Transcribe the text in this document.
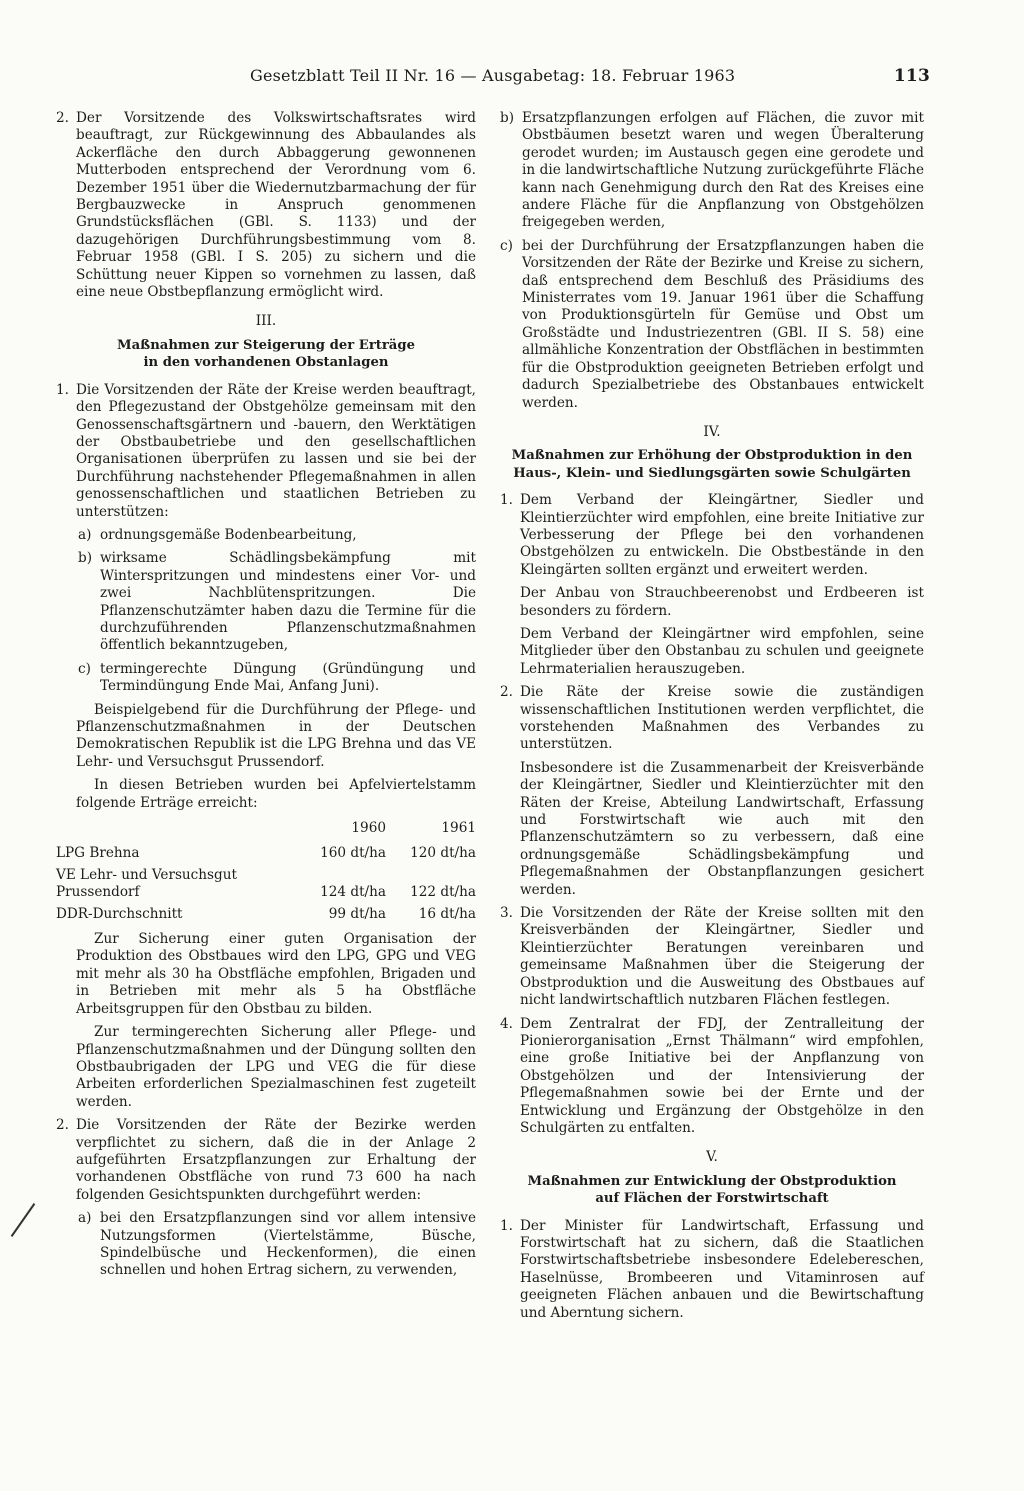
Gesetzblatt Teil II Nr. 16 — Ausgabetag: 18. Februar 1963	113
2. Der Vorsitzende des Volkswirtschaftsrates wird beauftragt, zur Rückgewinnung des Abbaulandes als Ackerfläche den durch Abbaggerung gewonnenen Mutterboden entsprechend der Verordnung vom 6. Dezember 1951 über die Wiedernutzbarmachung der für Bergbauzwecke in Anspruch genommenen Grundstücksflächen (GBl. S. 1133) und der dazugehörigen Durchführungsbestimmung vom 8. Februar 1958 (GBl. I S. 205) zu sichern und die Schüttung neuer Kippen so vornehmen zu lassen, daß eine neue Obstbepflanzung ermöglicht wird.
III.
Maßnahmen zur Steigerung der Erträge
in den vorhandenen Obstanlagen
1. Die Vorsitzenden der Räte der Kreise werden beauftragt, den Pflegezustand der Obstgehölze gemeinsam mit den Genossenschaftsgärtnern und -bauern, den Werktätigen der Obstbaubetriebe und den gesellschaftlichen Organisationen überprüfen zu lassen und sie bei der Durchführung nachstehender Pflegemaßnahmen in allen genossenschaftlichen und staatlichen Betrieben zu unterstützen:
a) ordnungsgemäße Bodenbearbeitung,
b) wirksame Schädlingsbekämpfung mit Winterspritzungen und mindestens einer Vor- und zwei Nachblütenspritzungen. Die Pflanzenschutzämter haben dazu die Termine für die durchzuführenden Pflanzenschutzmaßnahmen öffentlich bekanntzugeben,
c) termingerechte Düngung (Gründüngung und Termindüngung Ende Mai, Anfang Juni).

Beispielgebend für die Durchführung der Pflege- und Pflanzenschutzmaßnahmen in der Deutschen Demokratischen Republik ist die LPG Brehna und das VE Lehr- und Versuchsgut Prussendorf.

In diesen Betrieben wurden bei Apfelviertelstamm folgende Erträge erreicht:

	1960	1961
LPG Brehna	160 dt/ha	120 dt/ha
VE Lehr- und Versuchsgut Prussendorf	124 dt/ha	122 dt/ha
DDR-Durchschnitt	99 dt/ha	16 dt/ha

Zur Sicherung einer guten Organisation der Produktion des Obstbaues wird den LPG, GPG und VEG mit mehr als 30 ha Obstfläche empfohlen, Brigaden und in Betrieben mit mehr als 5 ha Obstfläche Arbeitsgruppen für den Obstbau zu bilden.

Zur termingerechten Sicherung aller Pflege- und Pflanzenschutzmaßnahmen und der Düngung sollten den Obstbaubrigaden der LPG und VEG die für diese Arbeiten erforderlichen Spezialmaschinen fest zugeteilt werden.

2. Die Vorsitzenden der Räte der Bezirke werden verpflichtet zu sichern, daß die in der Anlage 2 aufgeführten Ersatzpflanzungen zur Erhaltung der vorhandenen Obstfläche von rund 73 600 ha nach folgenden Gesichtspunkten durchgeführt werden:
a) bei den Ersatzpflanzungen sind vor allem intensive Nutzungsformen (Viertelstämme, Büsche, Spindelbüsche und Heckenformen), die einen schnellen und hohen Ertrag sichern, zu verwenden,
b) Ersatzpflanzungen erfolgen auf Flächen, die zuvor mit Obstbäumen besetzt waren und wegen Überalterung gerodet wurden; im Austausch gegen eine gerodete und in die landwirtschaftliche Nutzung zurückgeführte Fläche kann nach Genehmigung durch den Rat des Kreises eine andere Fläche für die Anpflanzung von Obstgehölzen freigegeben werden,
c) bei der Durchführung der Ersatzpflanzungen haben die Vorsitzenden der Räte der Bezirke und Kreise zu sichern, daß entsprechend dem Beschluß des Präsidiums des Ministerrates vom 19. Januar 1961 über die Schaffung von Produktionsgürteln für Gemüse und Obst um Großstädte und Industriezentren (GBl. II S. 58) eine allmähliche Konzentration der Obstflächen in bestimmten für die Obstproduktion geeigneten Betrieben erfolgt und dadurch Spezialbetriebe des Obstanbaues entwickelt werden.
IV.
Maßnahmen zur Erhöhung der Obstproduktion in den
Haus-, Klein- und Siedlungsgärten sowie Schulgärten
1. Dem Verband der Kleingärtner, Siedler und Kleintierzüchter wird empfohlen, eine breite Initiative zur Verbesserung der Pflege bei den vorhandenen Obstgehölzen zu entwickeln. Die Obstbestände in den Kleingärten sollten ergänzt und erweitert werden.

Der Anbau von Strauchbeerenobst und Erdbeeren ist besonders zu fördern.

Dem Verband der Kleingärtner wird empfohlen, seine Mitglieder über den Obstanbau zu schulen und geeignete Lehrmaterialien herauszugeben.

2. Die Räte der Kreise sowie die zuständigen wissenschaftlichen Institutionen werden verpflichtet, die vorstehenden Maßnahmen des Verbandes zu unterstützen.

Insbesondere ist die Zusammenarbeit der Kreisverbände der Kleingärtner, Siedler und Kleintierzüchter mit den Räten der Kreise, Abteilung Landwirtschaft, Erfassung und Forstwirtschaft wie auch mit den Pflanzenschutzämtern so zu verbessern, daß eine ordnungsgemäße Schädlingsbekämpfung und Pflegemaßnahmen der Obstanpflanzungen gesichert werden.

3. Die Vorsitzenden der Räte der Kreise sollten mit den Kreisverbänden der Kleingärtner, Siedler und Kleintierzüchter Beratungen vereinbaren und gemeinsame Maßnahmen über die Steigerung der Obstproduktion und die Ausweitung des Obstbaues auf nicht landwirtschaftlich nutzbaren Flächen festlegen.
4. Dem Zentralrat der FDJ, der Zentralleitung der Pionierorganisation „Ernst Thälmann“ wird empfohlen, eine große Initiative bei der Anpflanzung von Obstgehölzen und der Intensivierung der Pflegemaßnahmen sowie bei der Ernte und der Entwicklung und Ergänzung der Obstgehölze in den Schulgärten zu entfalten.
V.
Maßnahmen zur Entwicklung der Obstproduktion
auf Flächen der Forstwirtschaft
1. Der Minister für Landwirtschaft, Erfassung und Forstwirtschaft hat zu sichern, daß die Staatlichen Forstwirtschaftsbetriebe insbesondere Edelebereschen, Haselnüsse, Brombeeren und Vitaminrosen auf geeigneten Flächen anbauen und die Bewirtschaftung und Aberntung sichern.
